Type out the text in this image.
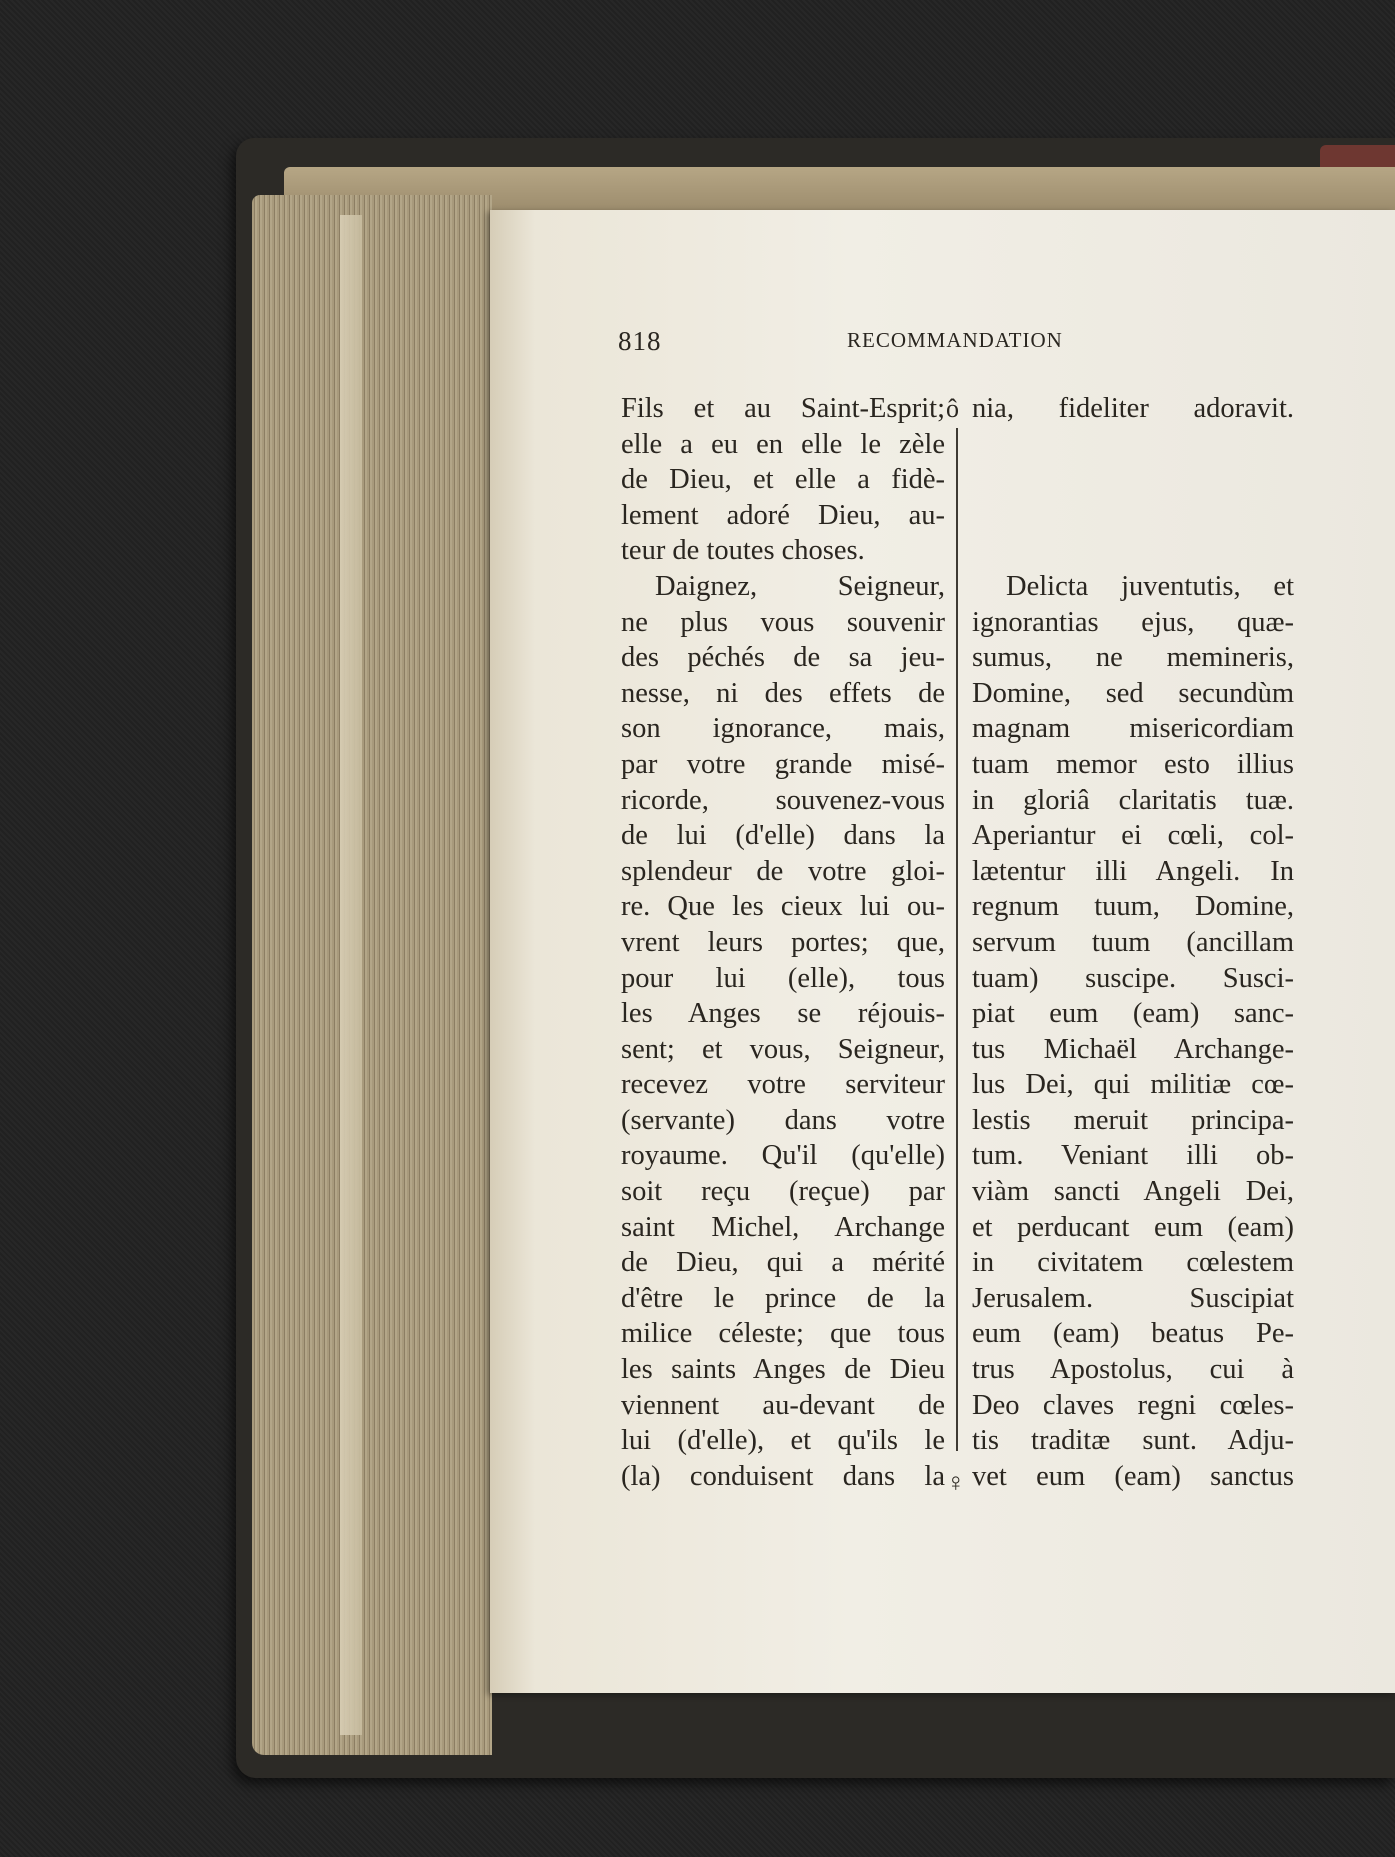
818	RECOMMANDATION
ô
♀
Fils et au Saint-Esprit;
elle a eu en elle le zèle
de Dieu, et elle a fidè-
lement adoré Dieu, au-
teur de toutes choses.
Daignez, Seigneur,
ne plus vous souvenir
des péchés de sa jeu-
nesse, ni des effets de
son ignorance, mais,
par votre grande misé-
ricorde, souvenez-vous
de lui (d'elle) dans la
splendeur de votre gloi-
re. Que les cieux lui ou-
vrent leurs portes; que,
pour lui (elle), tous
les Anges se réjouis-
sent; et vous, Seigneur,
recevez votre serviteur
(servante) dans votre
royaume. Qu'il (qu'elle)
soit reçu (reçue) par
saint Michel, Archange
de Dieu, qui a mérité
d'être le prince de la
milice céleste; que tous
les saints Anges de Dieu
viennent au-devant de
lui (d'elle), et qu'ils le
(la) conduisent dans la
nia, fideliter adoravit.
Delicta juventutis, et
ignorantias ejus, quæ-
sumus, ne memineris,
Domine, sed secundùm
magnam misericordiam
tuam memor esto illius
in gloriâ claritatis tuæ.
Aperiantur ei cœli, col-
lætentur illi Angeli. In
regnum tuum, Domine,
servum tuum (ancillam
tuam) suscipe. Susci-
piat eum (eam) sanc-
tus Michaël Archange-
lus Dei, qui militiæ cœ-
lestis meruit principa-
tum. Veniant illi ob-
viàm sancti Angeli Dei,
et perducant eum (eam)
in civitatem cœlestem
Jerusalem. Suscipiat
eum (eam) beatus Pe-
trus Apostolus, cui à
Deo claves regni cœles-
tis traditæ sunt. Adju-
vet eum (eam) sanctus
